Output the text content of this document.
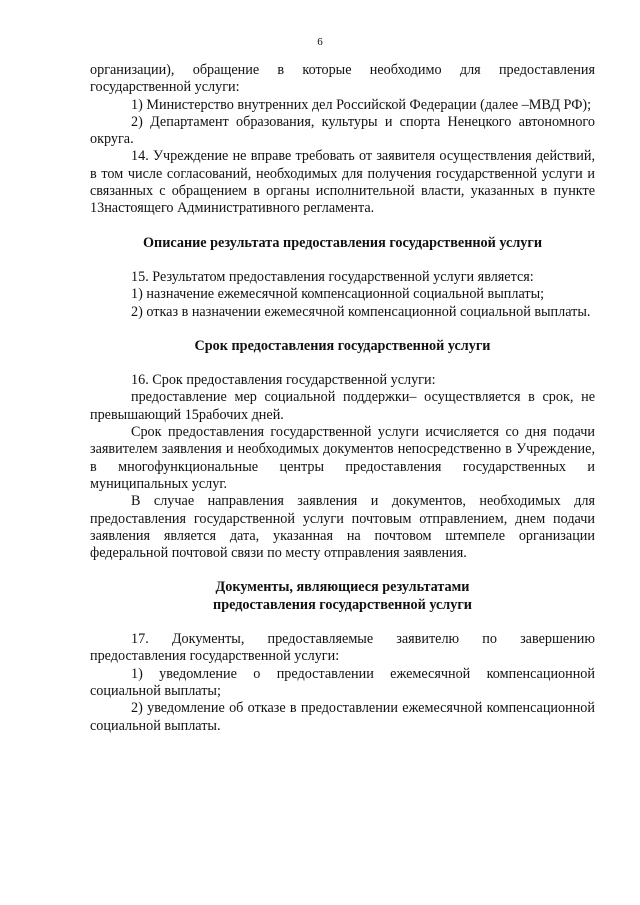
6

организации), обращение в которые необходимо для предоставления государственной услуги:

1) Министерство внутренних дел Российской Федерации (далее –МВД РФ);

2) Департамент образования, культуры и спорта Ненецкого автономного округа.

14. Учреждение не вправе требовать от заявителя осуществления действий, в том числе согласований, необходимых для получения государственной услуги и связанных с обращением в органы исполнительной власти, указанных в пункте 13настоящего Административного регламента.

Описание результата предоставления государственной услуги

15. Результатом предоставления государственной услуги является:

1) назначение ежемесячной компенсационной социальной выплаты;

2) отказ в назначении ежемесячной компенсационной социальной выплаты.

Срок предоставления государственной услуги

16. Срок предоставления государственной услуги:

предоставление мер социальной поддержки– осуществляется в срок, не превышающий 15рабочих дней.

Срок предоставления государственной услуги исчисляется со дня подачи заявителем заявления и необходимых документов непосредственно в Учреждение, в многофункциональные центры предоставления государственных и муниципальных услуг.

В случае направления заявления и документов, необходимых для предоставления государственной услуги почтовым отправлением, днем подачи заявления является дата, указанная на почтовом штемпеле организации федеральной почтовой связи по месту отправления заявления.

Документы, являющиеся результатами

предоставления государственной услуги

17. Документы, предоставляемые заявителю по завершению предоставления государственной услуги:

1) уведомление о предоставлении ежемесячной компенсационной социальной выплаты;

2) уведомление об отказе в предоставлении ежемесячной компенсационной социальной выплаты.
